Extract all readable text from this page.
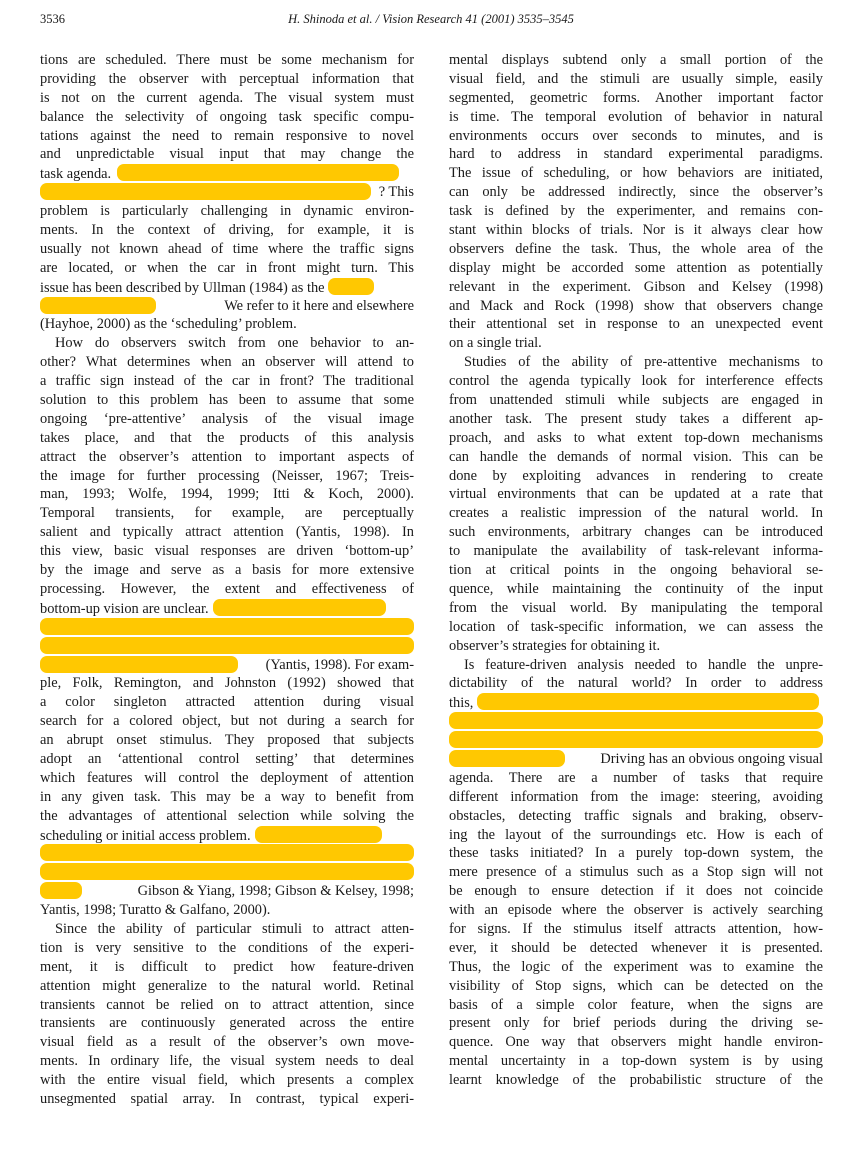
3536	H. Shinoda et al. / Vision Research 41 (2001) 3535–3545
tions are scheduled. There must be some mechanism for
providing the observer with perceptual information that
is not on the current agenda. The visual system must
balance the selectivity of ongoing task specific compu-
tations against the need to remain responsive to novel
and unpredictable visual input that may change the
task agenda.
? This
problem is particularly challenging in dynamic environ-
ments. In the context of driving, for example, it is
usually not known ahead of time where the traffic signs
are located, or when the car in front might turn. This
issue has been described by Ullman (1984) as the
We refer to it here and elsewhere
(Hayhoe, 2000) as the ‘scheduling’ problem.
How do observers switch from one behavior to an-
other? What determines when an observer will attend to
a traffic sign instead of the car in front? The traditional
solution to this problem has been to assume that some
ongoing ‘pre-attentive’ analysis of the visual image
takes place, and that the products of this analysis
attract the observer’s attention to important aspects of
the image for further processing (Neisser, 1967; Treis-
man, 1993; Wolfe, 1994, 1999; Itti & Koch, 2000).
Temporal transients, for example, are perceptually
salient and typically attract attention (Yantis, 1998). In
this view, basic visual responses are driven ‘bottom-up’
by the image and serve as a basis for more extensive
processing. However, the extent and effectiveness of
bottom-up vision are unclear.
(Yantis, 1998). For exam-
ple, Folk, Remington, and Johnston (1992) showed that
a color singleton attracted attention during visual
search for a colored object, but not during a search for
an abrupt onset stimulus. They proposed that subjects
adopt an ‘attentional control setting’ that determines
which features will control the deployment of attention
in any given task. This may be a way to benefit from
the advantages of attentional selection while solving the
scheduling or initial access problem.
Gibson & Yiang, 1998; Gibson & Kelsey, 1998;
Yantis, 1998; Turatto & Galfano, 2000).
Since the ability of particular stimuli to attract atten-
tion is very sensitive to the conditions of the experi-
ment, it is difficult to predict how feature-driven
attention might generalize to the natural world. Retinal
transients cannot be relied on to attract attention, since
transients are continuously generated across the entire
visual field as a result of the observer’s own move-
ments. In ordinary life, the visual system needs to deal
with the entire visual field, which presents a complex
unsegmented spatial array. In contrast, typical experi-
mental displays subtend only a small portion of the
visual field, and the stimuli are usually simple, easily
segmented, geometric forms. Another important factor
is time. The temporal evolution of behavior in natural
environments occurs over seconds to minutes, and is
hard to address in standard experimental paradigms.
The issue of scheduling, or how behaviors are initiated,
can only be addressed indirectly, since the observer’s
task is defined by the experimenter, and remains con-
stant within blocks of trials. Nor is it always clear how
observers define the task. Thus, the whole area of the
display might be accorded some attention as potentially
relevant in the experiment. Gibson and Kelsey (1998)
and Mack and Rock (1998) show that observers change
their attentional set in response to an unexpected event
on a single trial.
Studies of the ability of pre-attentive mechanisms to
control the agenda typically look for interference effects
from unattended stimuli while subjects are engaged in
another task. The present study takes a different ap-
proach, and asks to what extent top-down mechanisms
can handle the demands of normal vision. This can be
done by exploiting advances in rendering to create
virtual environments that can be updated at a rate that
creates a realistic impression of the natural world. In
such environments, arbitrary changes can be introduced
to manipulate the availability of task-relevant informa-
tion at critical points in the ongoing behavioral se-
quence, while maintaining the continuity of the input
from the visual world. By manipulating the temporal
location of task-specific information, we can assess the
observer’s strategies for obtaining it.
Is feature-driven analysis needed to handle the unpre-
dictability of the natural world? In order to address
this,
Driving has an obvious ongoing visual
agenda. There are a number of tasks that require
different information from the image: steering, avoiding
obstacles, detecting traffic signals and braking, observ-
ing the layout of the surroundings etc. How is each of
these tasks initiated? In a purely top-down system, the
mere presence of a stimulus such as a Stop sign will not
be enough to ensure detection if it does not coincide
with an episode where the observer is actively searching
for signs. If the stimulus itself attracts attention, how-
ever, it should be detected whenever it is presented.
Thus, the logic of the experiment was to examine the
visibility of Stop signs, which can be detected on the
basis of a simple color feature, when the signs are
present only for brief periods during the driving se-
quence. One way that observers might handle environ-
mental uncertainty in a top-down system is by using
learnt knowledge of the probabilistic structure of the
